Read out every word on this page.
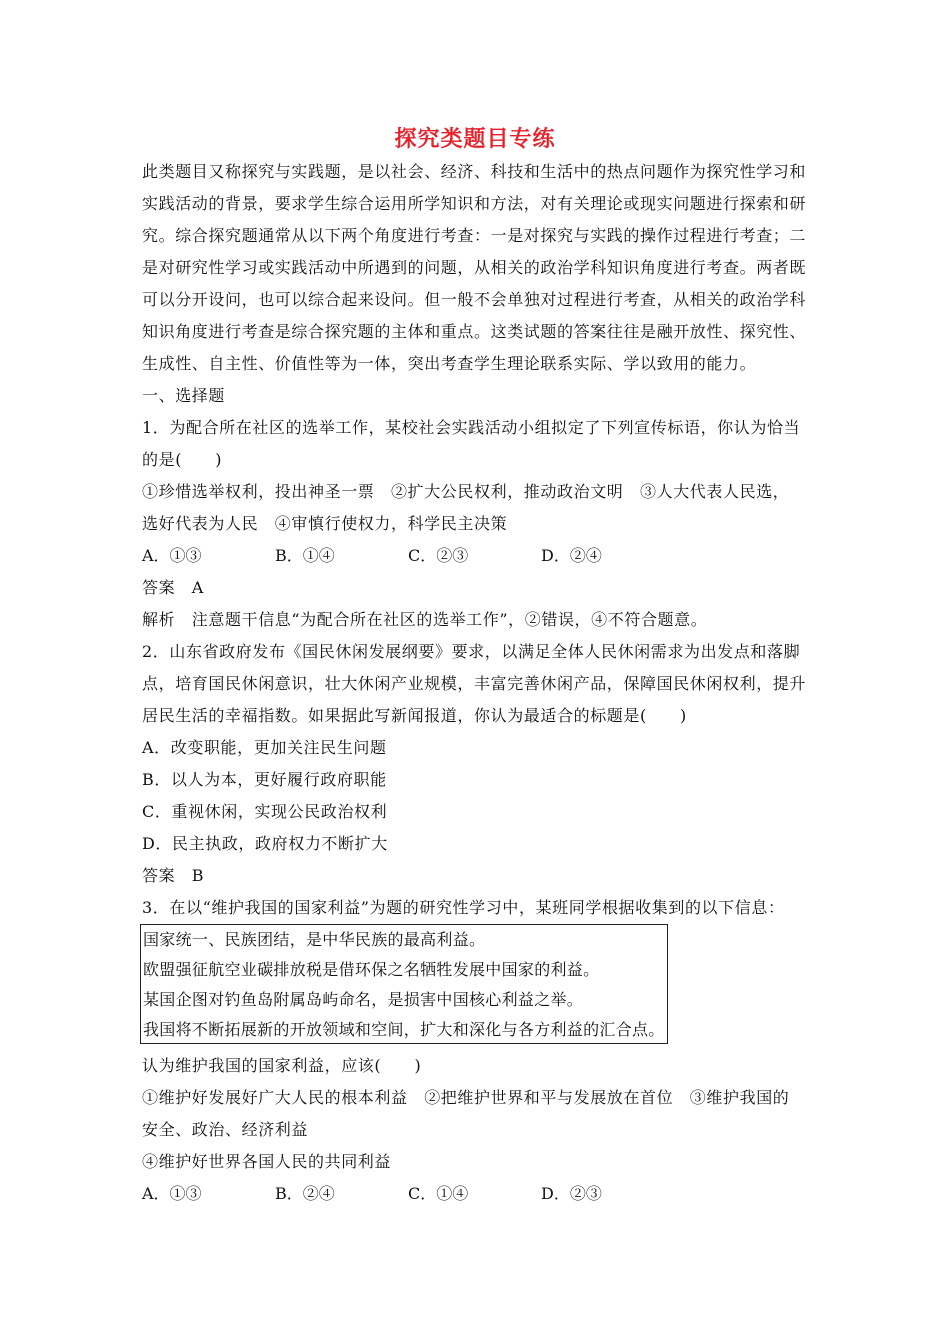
探究类题目专练
此类题目又称探究与实践题，是以社会、经济、科技和生活中的热点问题作为探究性学习和
实践活动的背景，要求学生综合运用所学知识和方法，对有关理论或现实问题进行探索和研
究。综合探究题通常从以下两个角度进行考查：一是对探究与实践的操作过程进行考查；二
是对研究性学习或实践活动中所遇到的问题，从相关的政治学科知识角度进行考查。两者既
可以分开设问，也可以综合起来设问。但一般不会单独对过程进行考查，从相关的政治学科
知识角度进行考查是综合探究题的主体和重点。这类试题的答案往往是融开放性、探究性、
生成性、自主性、价值性等为一体，突出考查学生理论联系实际、学以致用的能力。
一、选择题
1．为配合所在社区的选举工作，某校社会实践活动小组拟定了下列宣传标语，你认为恰当
的是(　　)
①珍惜选举权利，投出神圣一票　②扩大公民权利，推动政治文明　③人大代表人民选，
选好代表为人民　④审慎行使权力，科学民主决策
A．①③	B．①④	C．②③	D．②④
答案　A
解析　注意题干信息“为配合所在社区的选举工作”，②错误，④不符合题意。
2．山东省政府发布《国民休闲发展纲要》要求，以满足全体人民休闲需求为出发点和落脚
点，培育国民休闲意识，壮大休闲产业规模，丰富完善休闲产品，保障国民休闲权利，提升
居民生活的幸福指数。如果据此写新闻报道，你认为最适合的标题是(　　)
A．改变职能，更加关注民生问题
B．以人为本，更好履行政府职能
C．重视休闲，实现公民政治权利
D．民主执政，政府权力不断扩大
答案　B
3．在以“维护我国的国家利益”为题的研究性学习中，某班同学根据收集到的以下信息：
国家统一、民族团结，是中华民族的最高利益。
欧盟强征航空业碳排放税是借环保之名牺牲发展中国家的利益。
某国企图对钓鱼岛附属岛屿命名，是损害中国核心利益之举。
我国将不断拓展新的开放领域和空间，扩大和深化与各方利益的汇合点。
认为维护我国的国家利益，应该(　　)
①维护好发展好广大人民的根本利益　②把维护世界和平与发展放在首位　③维护我国的
安全、政治、经济利益
④维护好世界各国人民的共同利益
A．①③	B．②④	C．①④	D．②③
